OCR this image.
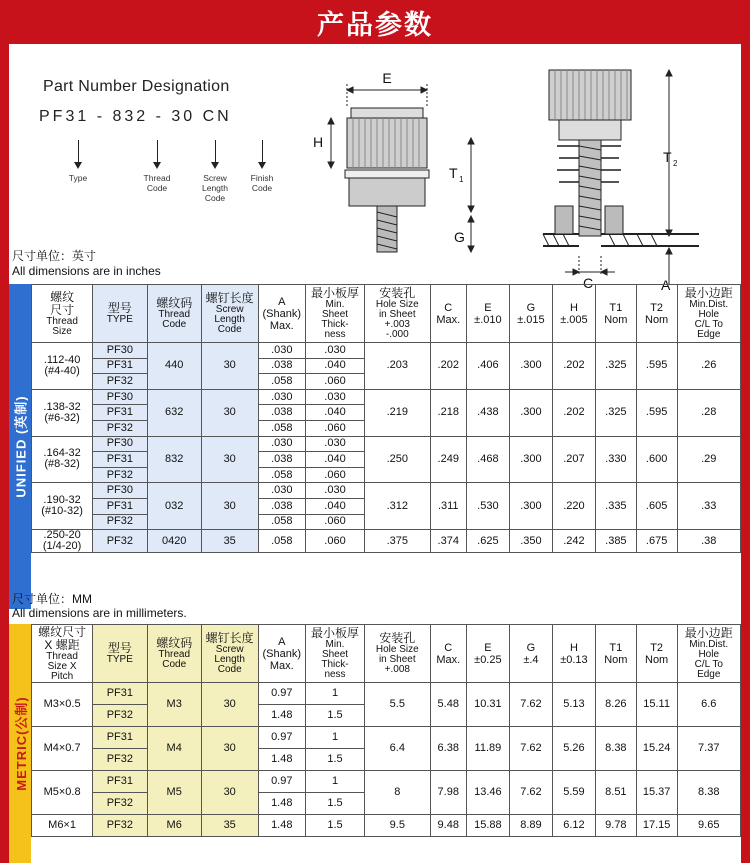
产品参数
Part Number Designation
PF31 - 832 - 30 CN
Type	Thread
Code
Screw
Length
Code
Finish
Code
E
H
T 1
G
C
T 2
A
尺寸单位：英寸
All dimensions are in inches
UNIFIED (英制)
螺纹
尺寸
Thread
Size	型号
TYPE	螺纹码
Thread
Code	螺钉长度
Screw
Length
Code	A
(Shank)
Max.	最小板厚
Min.
Sheet
Thick-
ness	安装孔
Hole Size
in Sheet
+.003
-.000	C
Max.	E
±.010	G
±.015	H
±.005	T1
Nom	T2
Nom	最小边距
Min.Dist.
Hole
C/L To
Edge
.112-40
(#4-40)	PF30	440	30	.030	.030	.203	.202	.406	.300	.202	.325	.595	.26
	PF31			.038	.040								
	PF32			.058	.060								
.138-32
(#6-32)	PF30	632	30	.030	.030	.219	.218	.438	.300	.202	.325	.595	.28
	PF31			.038	.040								
	PF32			.058	.060								
.164-32
(#8-32)	PF30	832	30	.030	.030	.250	.249	.468	.300	.207	.330	.600	.29
	PF31			.038	.040								
	PF32			.058	.060								
.190-32
(#10-32)	PF30	032	30	.030	.030	.312	.311	.530	.300	.220	.335	.605	.33
	PF31			.038	.040								
	PF32			.058	.060								
.250-20
(1/4-20)	PF32	0420	35	.058	.060	.375	.374	.625	.350	.242	.385	.675	.38
尺寸单位：MM
All dimensions are in millimeters.
METRIC(公制)
螺纹尺寸
X 螺距
Thread
Size X
Pitch	型号
TYPE	螺纹码
Thread
Code	螺钉长度
Screw
Length
Code	A
(Shank)
Max.	最小板厚
Min.
Sheet
Thick-
ness	安装孔
Hole Size
in Sheet
+.008	C
Max.	E
±0.25	G
±.4	H
±0.13	T1
Nom	T2
Nom	最小边距
Min.Dist.
Hole
C/L To
Edge
M3×0.5	PF31	M3	30	0.97	1	5.5	5.48	10.31	7.62	5.13	8.26	15.11	6.6
	PF32			1.48	1.5								
M4×0.7	PF31	M4	30	0.97	1	6.4	6.38	11.89	7.62	5.26	8.38	15.24	7.37
	PF32			1.48	1.5								
M5×0.8	PF31	M5	30	0.97	1	8	7.98	13.46	7.62	5.59	8.51	15.37	8.38
	PF32			1.48	1.5								
M6×1	PF32	M6	35	1.48	1.5	9.5	9.48	15.88	8.89	6.12	9.78	17.15	9.65
